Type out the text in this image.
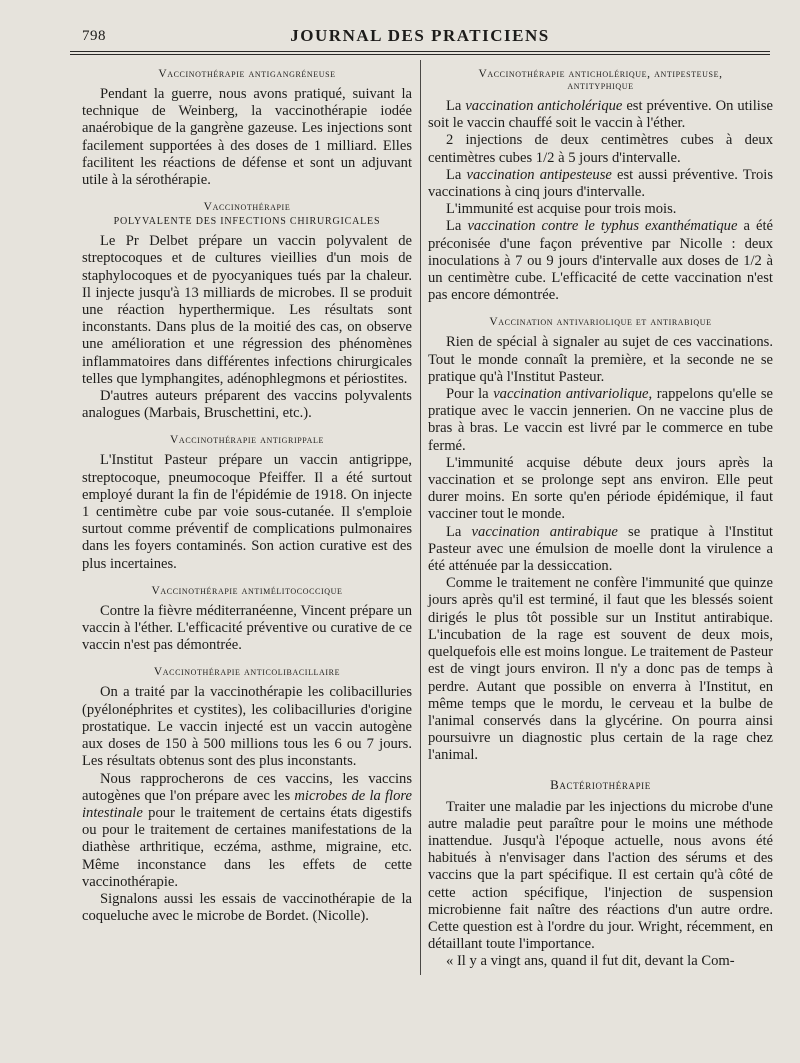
798	JOURNAL DES PRATICIENS
Vaccinothérapie antigangréneuse

Pendant la guerre, nous avons pratiqué, suivant la technique de Weinberg, la vaccinothérapie iodée anaérobique de la gangrène gazeuse. Les injections sont facilement supportées à des doses de 1 milliard. Elles facilitent les réactions de défense et sont un adjuvant utile à la sérothérapie.

Vaccinothérapie
POLYVALENTE DES INFECTIONS CHIRURGICALES

Le Pr Delbet prépare un vaccin polyvalent de streptocoques et de cultures vieillies d'un mois de staphylocoques et de pyocyaniques tués par la chaleur. Il injecte jusqu'à 13 milliards de microbes. Il se produit une réaction hyperthermique. Les résultats sont inconstants. Dans plus de la moitié des cas, on observe une amélioration et une régression des phénomènes inflammatoires dans différentes infections chirurgicales telles que lymphangites, adénophlegmons et périostites.

D'autres auteurs préparent des vaccins polyvalents analogues (Marbais, Bruschettini, etc.).

Vaccinothérapie antigrippale

L'Institut Pasteur prépare un vaccin antigrippe, streptocoque, pneumocoque Pfeiffer. Il a été surtout employé durant la fin de l'épidémie de 1918. On injecte 1 centimètre cube par voie sous-cutanée. Il s'emploie surtout comme préventif de complications pulmonaires dans les foyers contaminés. Son action curative est des plus incertaines.

Vaccinothérapie antimélitococcique

Contre la fièvre méditerranéenne, Vincent prépare un vaccin à l'éther. L'efficacité préventive ou curative de ce vaccin n'est pas démontrée.

Vaccinothérapie anticolibacillaire

On a traité par la vaccinothérapie les colibacilluries (pyélonéphrites et cystites), les colibacilluries d'origine prostatique. Le vaccin injecté est un vaccin autogène aux doses de 150 à 500 millions tous les 6 ou 7 jours. Les résultats obtenus sont des plus inconstants.

Nous rapprocherons de ces vaccins, les vaccins autogènes que l'on prépare avec les microbes de la flore intestinale pour le traitement de certains états digestifs ou pour le traitement de certaines manifestations de la diathèse arthritique, eczéma, asthme, migraine, etc. Même inconstance dans les effets de cette vaccinothérapie.

Signalons aussi les essais de vaccinothérapie de la coqueluche avec le microbe de Bordet. (Nicolle).

Vaccinothérapie anticholérique, antipesteuse,
antityphique

La vaccination anticholérique est préventive. On utilise soit le vaccin chauffé soit le vaccin à l'éther.

2 injections de deux centimètres cubes à deux centimètres cubes 1/2 à 5 jours d'intervalle.

La vaccination antipesteuse est aussi préventive. Trois vaccinations à cinq jours d'intervalle.

L'immunité est acquise pour trois mois.

La vaccination contre le typhus exanthématique a été préconisée d'une façon préventive par Nicolle : deux inoculations à 7 ou 9 jours d'intervalle aux doses de 1/2 à un centimètre cube. L'efficacité de cette vaccination n'est pas encore démontrée.

Vaccination antivariolique et antirabique

Rien de spécial à signaler au sujet de ces vaccinations. Tout le monde connaît la première, et la seconde ne se pratique qu'à l'Institut Pasteur.

Pour la vaccination antivariolique, rappelons qu'elle se pratique avec le vaccin jennerien. On ne vaccine plus de bras à bras. Le vaccin est livré par le commerce en tube fermé.

L'immunité acquise débute deux jours après la vaccination et se prolonge sept ans environ. Elle peut durer moins. En sorte qu'en période épidémique, il faut vacciner tout le monde.

La vaccination antirabique se pratique à l'Institut Pasteur avec une émulsion de moelle dont la virulence a été atténuée par la dessiccation.

Comme le traitement ne confère l'immunité que quinze jours après qu'il est terminé, il faut que les blessés soient dirigés le plus tôt possible sur un Institut antirabique. L'incubation de la rage est souvent de deux mois, quelquefois elle est moins longue. Le traitement de Pasteur est de vingt jours environ. Il n'y a donc pas de temps à perdre. Autant que possible on enverra à l'Institut, en même temps que le mordu, le cerveau et la bulbe de l'animal conservés dans la glycérine. On pourra ainsi poursuivre un diagnostic plus certain de la rage chez l'animal.

Bactériothérapie

Traiter une maladie par les injections du microbe d'une autre maladie peut paraître pour le moins une méthode inattendue. Jusqu'à l'époque actuelle, nous avons été habitués à n'envisager dans l'action des sérums et des vaccins que la part spécifique. Il est certain qu'à côté de cette action spécifique, l'injection de suspension microbienne fait naître des réactions d'un autre ordre. Cette question est à l'ordre du jour. Wright, récemment, en détaillant toute l'importance.

« Il y a vingt ans, quand il fut dit, devant la Com-
